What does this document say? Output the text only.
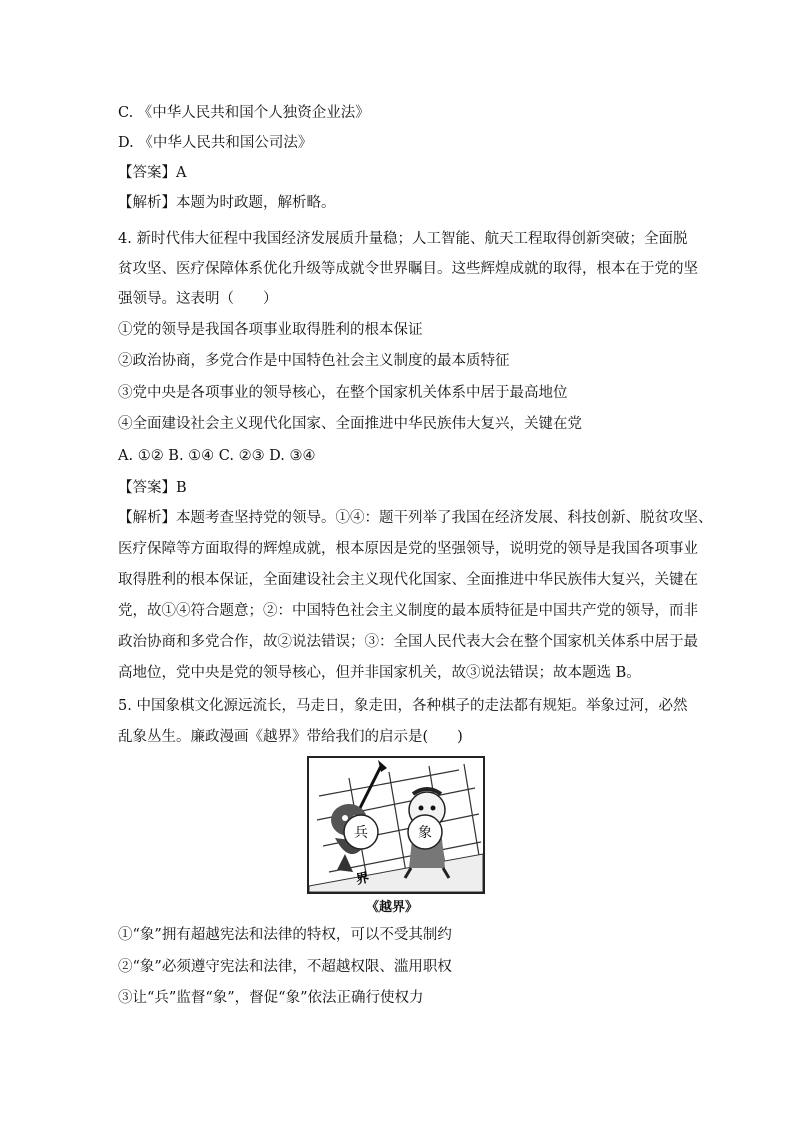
C. 《中华人民共和国个人独资企业法》
D. 《中华人民共和国公司法》
【答案】A
【解析】本题为时政题，解析略。
4. 新时代伟大征程中我国经济发展质升量稳；人工智能、航天工程取得创新突破；全面脱
贫攻坚、医疗保障体系优化升级等成就令世界瞩目。这些辉煌成就的取得，根本在于党的坚
强领导。这表明（　　）
①党的领导是我国各项事业取得胜利的根本保证
②政治协商，多党合作是中国特色社会主义制度的最本质特征
③党中央是各项事业的领导核心，在整个国家机关体系中居于最高地位
④全面建设社会主义现代化国家、全面推进中华民族伟大复兴，关键在党
A. ①② B. ①④ C. ②③ D. ③④
【答案】B
【解析】本题考查坚持党的领导。①④：题干列举了我国在经济发展、科技创新、脱贫攻坚、
医疗保障等方面取得的辉煌成就，根本原因是党的坚强领导，说明党的领导是我国各项事业
取得胜利的根本保证，全面建设社会主义现代化国家、全面推进中华民族伟大复兴，关键在
党，故①④符合题意；②：中国特色社会主义制度的最本质特征是中国共产党的领导，而非
政治协商和多党合作，故②说法错误；③：全国人民代表大会在整个国家机关体系中居于最
高地位，党中央是党的领导核心，但并非国家机关，故③说法错误；故本题选 B。
5. 中国象棋文化源远流长，马走日，象走田，各种棋子的走法都有规矩。举象过河，必然
乱象丛生。廉政漫画《越界》带给我们的启示是(　　)
兵	象
界
《越界》
①“象”拥有超越宪法和法律的特权，可以不受其制约
②“象”必须遵守宪法和法律，不超越权限、滥用职权
③让“兵”监督“象”，督促“象”依法正确行使权力
